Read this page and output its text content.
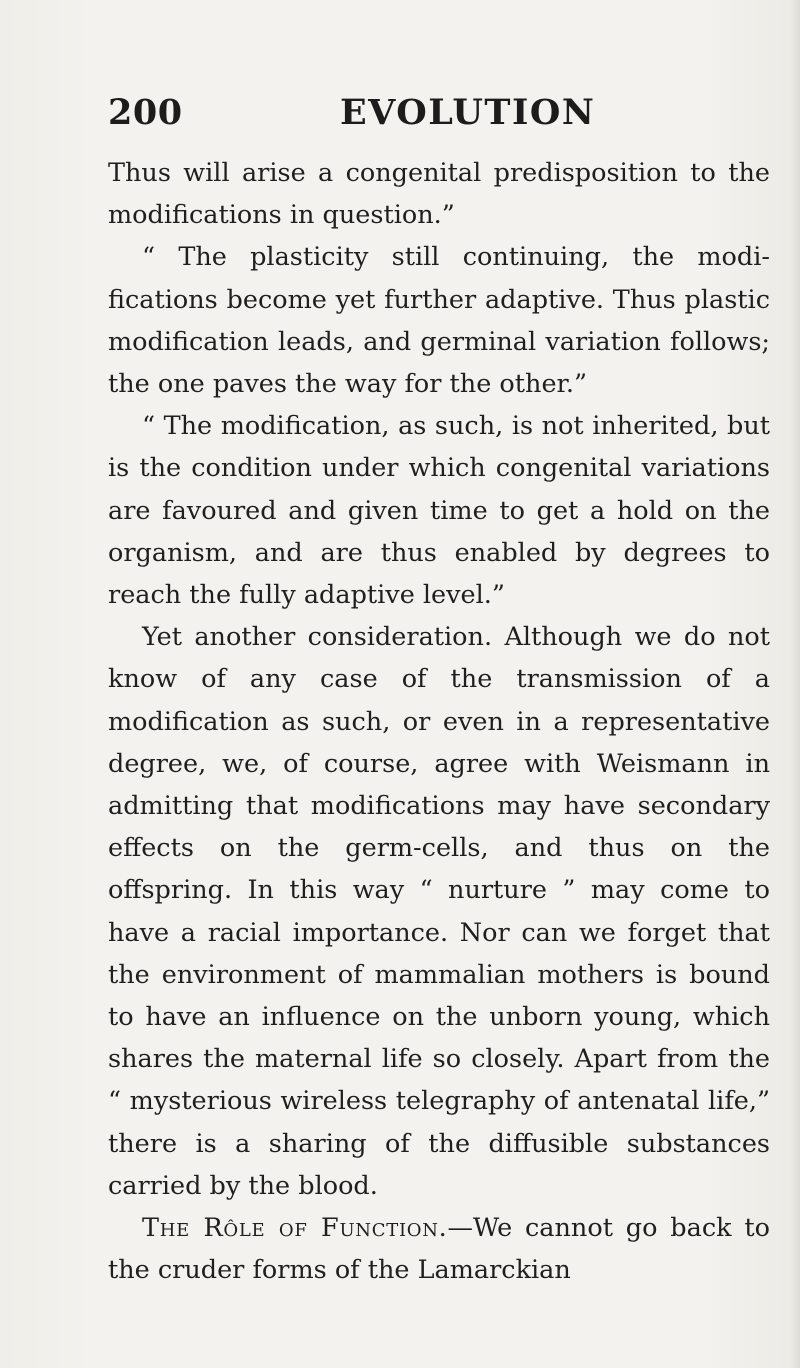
200	EVOLUTION

Thus will arise a congenital predisposition to the modifications in question.”

“ The plasticity still continuing, the modifications become yet further adaptive. Thus plastic modification leads, and germinal variation follows; the one paves the way for the other.”

“ The modification, as such, is not inherited, but is the condition under which congenital variations are favoured and given time to get a hold on the organism, and are thus enabled by degrees to reach the fully adaptive level.”

Yet another consideration. Although we do not know of any case of the transmission of a modification as such, or even in a representative degree, we, of course, agree with Weismann in admitting that modifications may have secondary effects on the germ-cells, and thus on the offspring. In this way “ nurture ” may come to have a racial importance. Nor can we forget that the environment of mammalian mothers is bound to have an influence on the unborn young, which shares the maternal life so closely. Apart from the “ mysterious wireless telegraphy of antenatal life,” there is a sharing of the diffusible substances carried by the blood.

The Rôle of Function.—We cannot go back to the cruder forms of the Lamarckian
